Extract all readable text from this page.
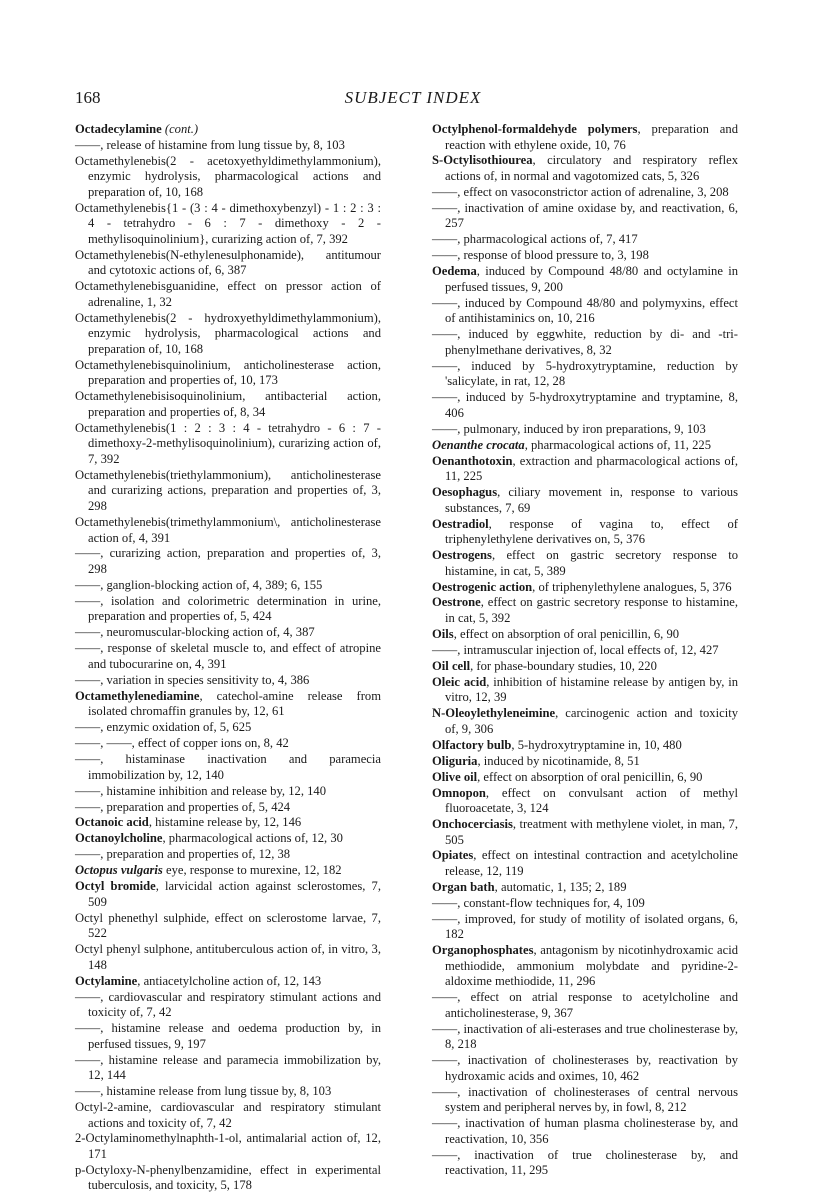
168	SUBJECT INDEX

Octadecylamine (cont.)

——, release of histamine from lung tissue by, 8, 103

Octamethylenebis(2 - acetoxyethyldimethylammonium), enzymic hydrolysis, pharmacological actions and preparation of, 10, 168

Octamethylenebis{1 - (3 : 4 - dimethoxybenzyl) - 1 : 2 : 3 : 4 - tetrahydro - 6 : 7 - dimethoxy - 2 - methylisoquinolinium}, curarizing action of, 7, 392

Octamethylenebis(N-ethylenesulphonamide), antitumour and cytotoxic actions of, 6, 387

Octamethylenebisguanidine, effect on pressor action of adrenaline, 1, 32

Octamethylenebis(2 - hydroxyethyldimethylammonium), enzymic hydrolysis, pharmacological actions and preparation of, 10, 168

Octamethylenebisquinolinium, anticholinesterase action, preparation and properties of, 10, 173

Octamethylenebisisoquinolinium, antibacterial action, preparation and properties of, 8, 34

Octamethylenebis(1 : 2 : 3 : 4 - tetrahydro - 6 : 7 - dimethoxy-2-methylisoquinolinium), curarizing action of, 7, 392

Octamethylenebis(triethylammonium), anticholinesterase and curarizing actions, preparation and properties of, 3, 298

Octamethylenebis(trimethylammonium\, anticholinesterase action of, 4, 391

——, curarizing action, preparation and properties of, 3, 298

——, ganglion-blocking action of, 4, 389; 6, 155

——, isolation and colorimetric determination in urine, preparation and properties of, 5, 424

——, neuromuscular-blocking action of, 4, 387

——, response of skeletal muscle to, and effect of atropine and tubocurarine on, 4, 391

——, variation in species sensitivity to, 4, 386

Octamethylenediamine, catechol-amine release from isolated chromaffin granules by, 12, 61

——, enzymic oxidation of, 5, 625

——, ——, effect of copper ions on, 8, 42

——, histaminase inactivation and paramecia immobilization by, 12, 140

——, histamine inhibition and release by, 12, 140

——, preparation and properties of, 5, 424

Octanoic acid, histamine release by, 12, 146

Octanoylcholine, pharmacological actions of, 12, 30

——, preparation and properties of, 12, 38

Octopus vulgaris eye, response to murexine, 12, 182

Octyl bromide, larvicidal action against sclerostomes, 7, 509

Octyl phenethyl sulphide, effect on sclerostome larvae, 7, 522

Octyl phenyl sulphone, antituberculous action of, in vitro, 3, 148

Octylamine, antiacetylcholine action of, 12, 143

——, cardiovascular and respiratory stimulant actions and toxicity of, 7, 42

——, histamine release and oedema production by, in perfused tissues, 9, 197

——, histamine release and paramecia immobilization by, 12, 144

——, histamine release from lung tissue by, 8, 103

Octyl-2-amine, cardiovascular and respiratory stimulant actions and toxicity of, 7, 42

2-Octylaminomethylnaphth-1-ol, antimalarial action of, 12, 171

p-Octyloxy-N-phenylbenzamidine, effect in experimental tuberculosis, and toxicity, 5, 178

Octylphenol-formaldehyde polymers, preparation and reaction with ethylene oxide, 10, 76

S-Octylisothiourea, circulatory and respiratory reflex actions of, in normal and vagotomized cats, 5, 326

——, effect on vasoconstrictor action of adrenaline, 3, 208

——, inactivation of amine oxidase by, and reactivation, 6, 257

——, pharmacological actions of, 7, 417

——, response of blood pressure to, 3, 198

Oedema, induced by Compound 48/80 and octylamine in perfused tissues, 9, 200

——, induced by Compound 48/80 and polymyxins, effect of antihistaminics on, 10, 216

——, induced by eggwhite, reduction by di- and -tri-phenylmethane derivatives, 8, 32

——, induced by 5-hydroxytryptamine, reduction by 'salicylate, in rat, 12, 28

——, induced by 5-hydroxytryptamine and tryptamine, 8, 406

——, pulmonary, induced by iron preparations, 9, 103

Oenanthe crocata, pharmacological actions of, 11, 225

Oenanthotoxin, extraction and pharmacological actions of, 11, 225

Oesophagus, ciliary movement in, response to various substances, 7, 69

Oestradiol, response of vagina to, effect of triphenylethylene derivatives on, 5, 376

Oestrogens, effect on gastric secretory response to histamine, in cat, 5, 389

Oestrogenic action, of triphenylethylene analogues, 5, 376

Oestrone, effect on gastric secretory response to histamine, in cat, 5, 392

Oils, effect on absorption of oral penicillin, 6, 90

——, intramuscular injection of, local effects of, 12, 427

Oil cell, for phase-boundary studies, 10, 220

Oleic acid, inhibition of histamine release by antigen by, in vitro, 12, 39

N-Oleoylethyleneimine, carcinogenic action and toxicity of, 9, 306

Olfactory bulb, 5-hydroxytryptamine in, 10, 480

Oliguria, induced by nicotinamide, 8, 51

Olive oil, effect on absorption of oral penicillin, 6, 90

Omnopon, effect on convulsant action of methyl fluoroacetate, 3, 124

Onchocerciasis, treatment with methylene violet, in man, 7, 505

Opiates, effect on intestinal contraction and acetylcholine release, 12, 119

Organ bath, automatic, 1, 135; 2, 189

——, constant-flow techniques for, 4, 109

——, improved, for study of motility of isolated organs, 6, 182

Organophosphates, antagonism by nicotinhydroxamic acid methiodide, ammonium molybdate and pyridine-2-aldoxime methiodide, 11, 296

——, effect on atrial response to acetylcholine and anticholinesterase, 9, 367

——, inactivation of ali-esterases and true cholinesterase by, 8, 218

——, inactivation of cholinesterases by, reactivation by hydroxamic acids and oximes, 10, 462

——, inactivation of cholinesterases of central nervous system and peripheral nerves by, in fowl, 8, 212

——, inactivation of human plasma cholinesterase by, and reactivation, 10, 356

——, inactivation of true cholinesterase by, and reactivation, 11, 295
